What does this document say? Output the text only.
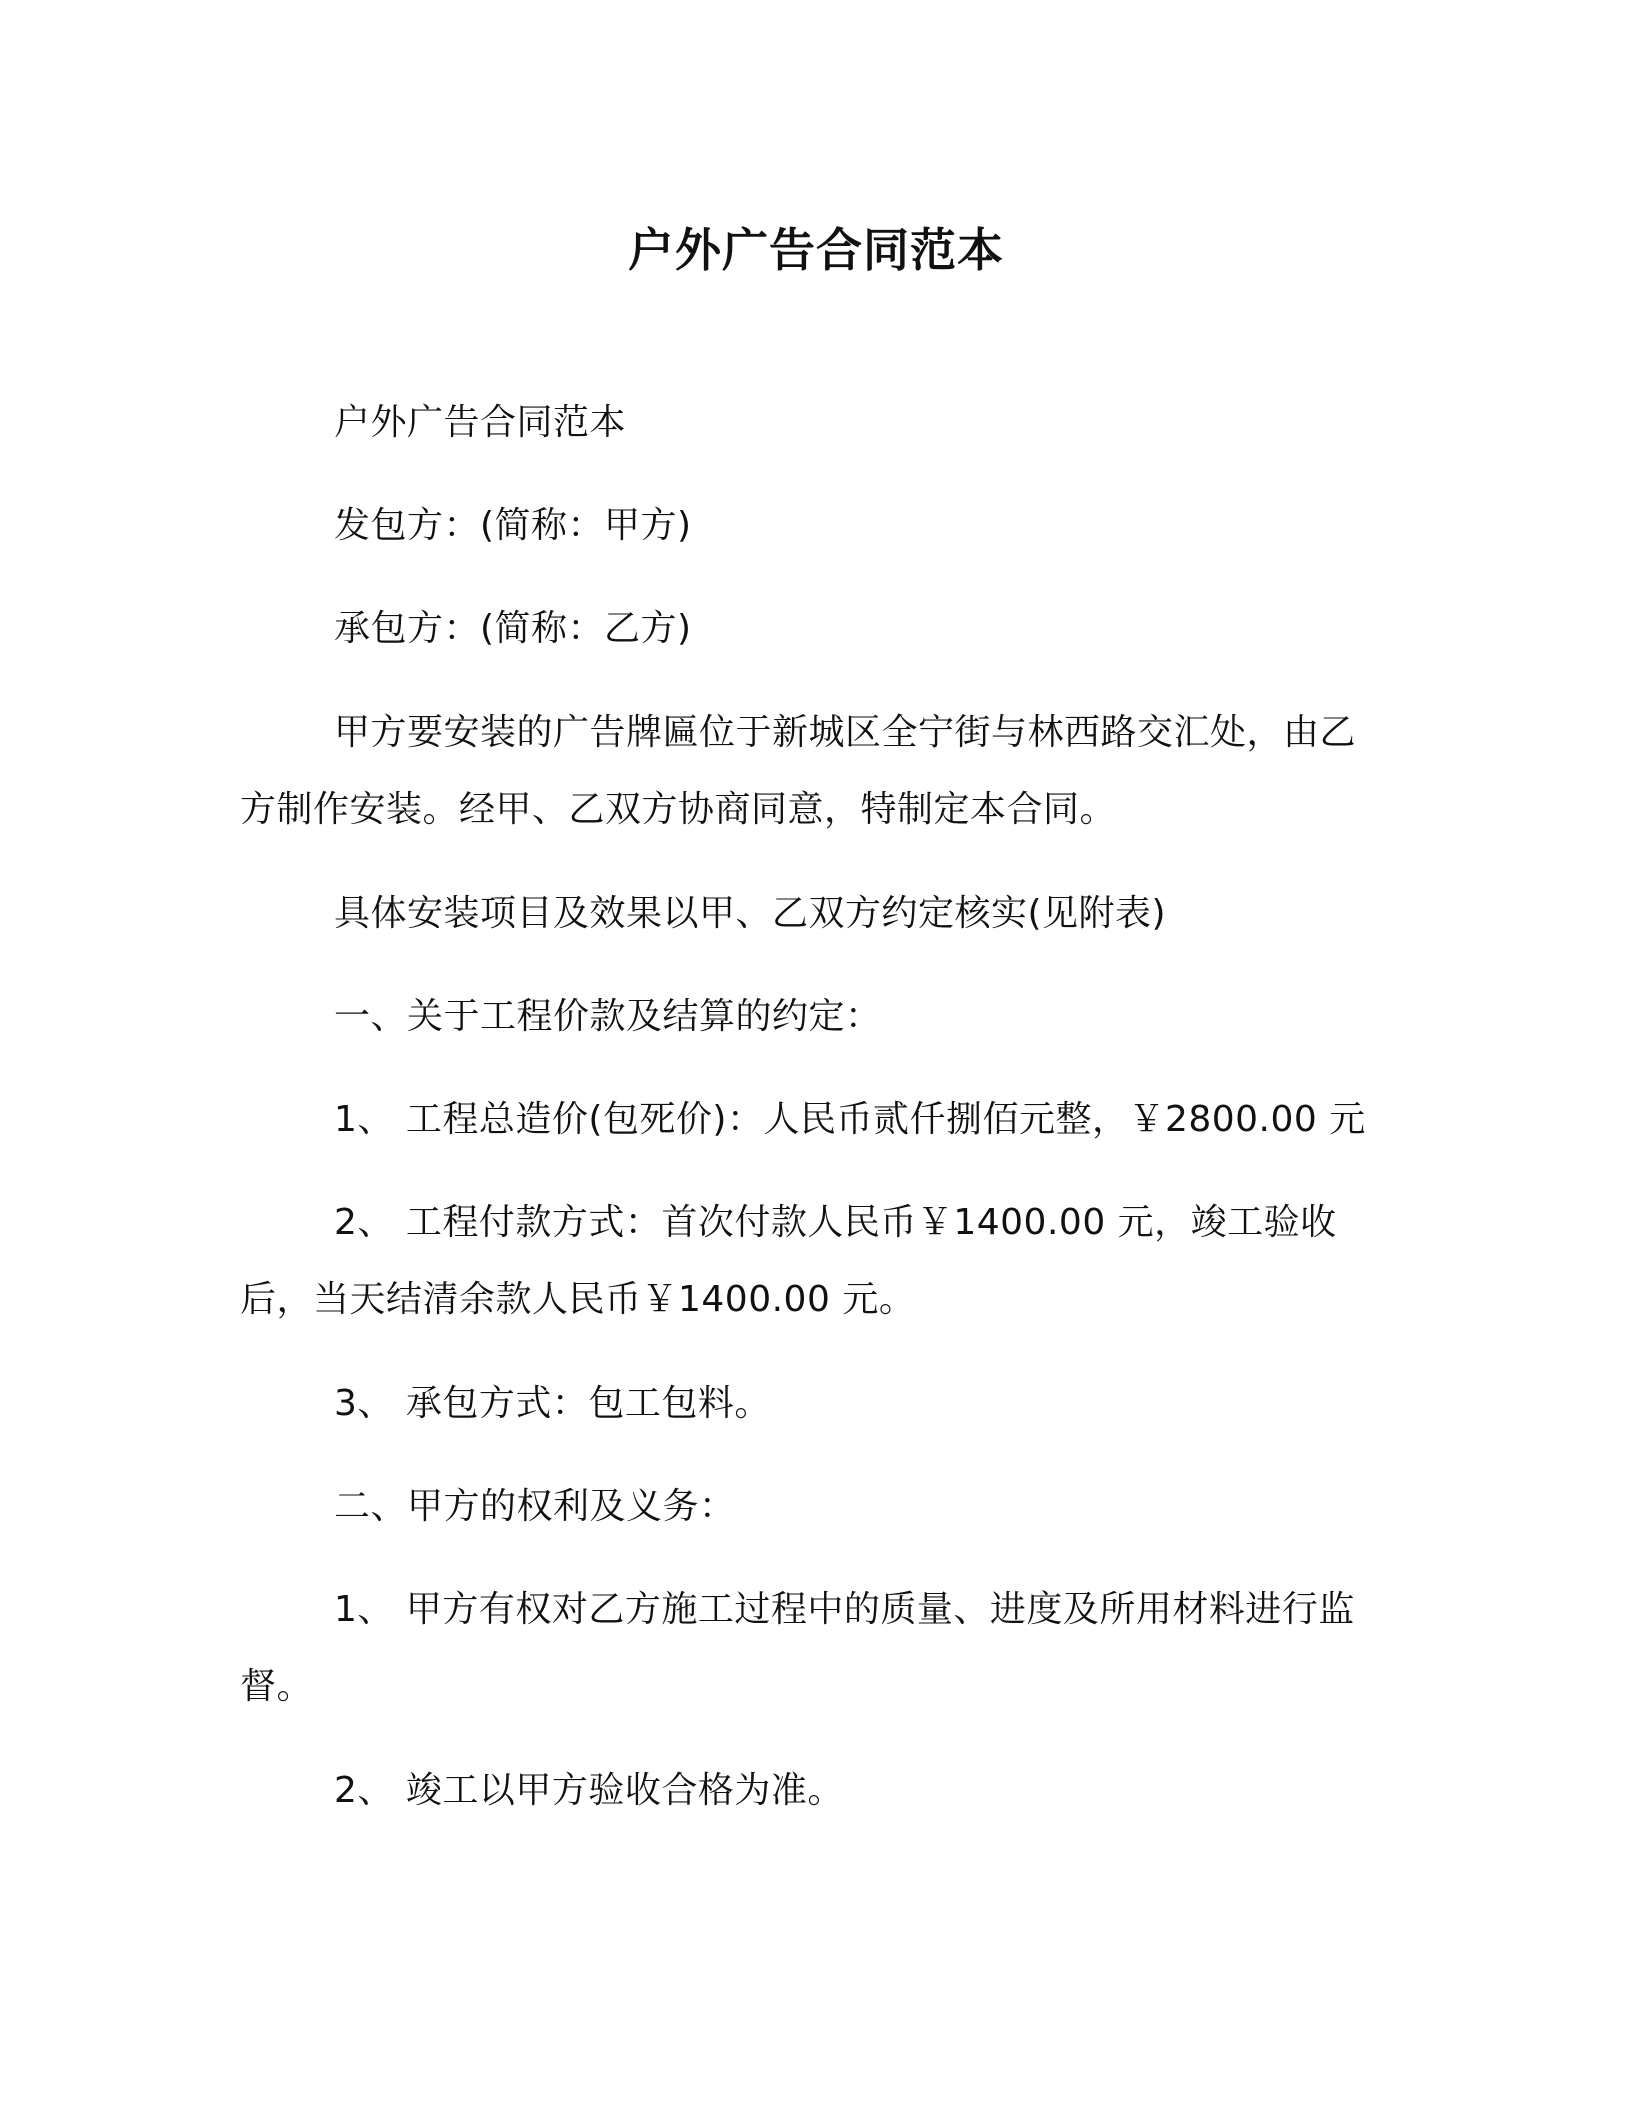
户外广告合同范本

户外广告合同范本

发包方：(简称：甲方)

承包方：(简称：乙方)

甲方要安装的广告牌匾位于新城区全宁街与林西路交汇处，由乙方制作安装。经甲、乙双方协商同意，特制定本合同。

具体安装项目及效果以甲、乙双方约定核实(见附表)

一、关于工程价款及结算的约定：

1、 工程总造价(包死价)：人民币贰仟捌佰元整，￥2800.00 元

2、 工程付款方式：首次付款人民币￥1400.00 元，竣工验收后，当天结清余款人民币￥1400.00 元。

3、 承包方式：包工包料。

二、甲方的权利及义务：

1、 甲方有权对乙方施工过程中的质量、进度及所用材料进行监督。

2、 竣工以甲方验收合格为准。
